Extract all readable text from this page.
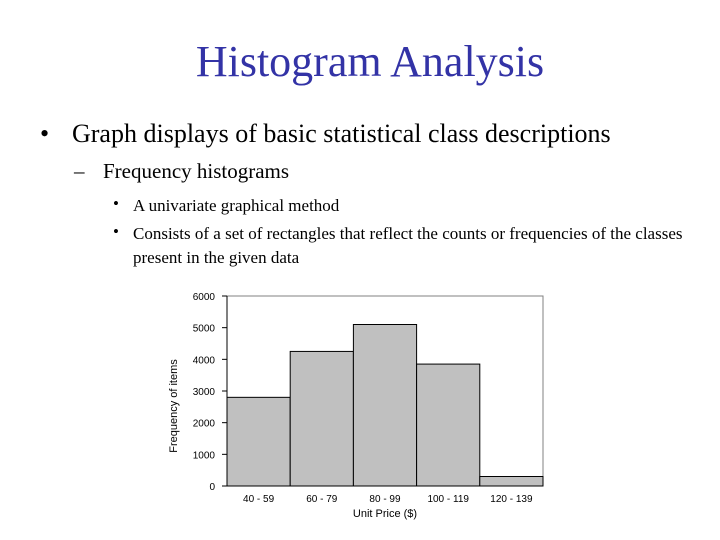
Histogram Analysis
• Graph displays of basic statistical class descriptions
– Frequency histograms
• A univariate graphical method
• Consists of a set of rectangles that reflect the counts or frequencies of the classes present in the given data
0
1000
2000
3000
4000
5000
6000
40 - 59	60 - 79	80 - 99	100 - 119 120 - 139
Frequency of items
Unit Price ($)
